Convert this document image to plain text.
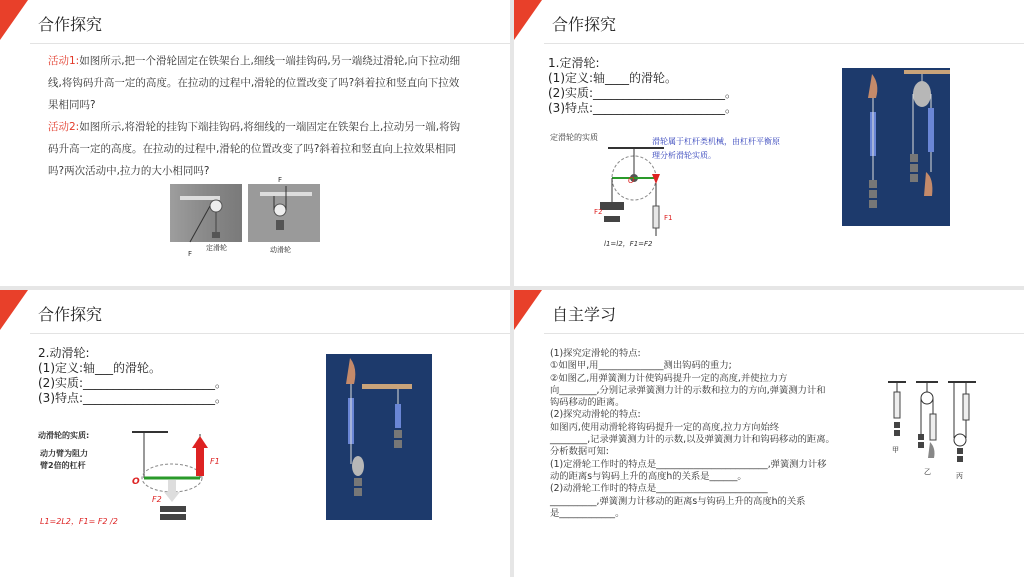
合作探究
活动1:如图所示,把一个滑轮固定在铁架台上,细线一端挂钩码,另一端绕过滑轮,向下拉动细线,将钩码升高一定的高度。在拉动的过程中,滑轮的位置改变了吗?斜着拉和竖直向下拉效果相同吗?
活动2:如图所示,将滑轮的挂钩下端挂钩码,将细线的一端固定在铁架台上,拉动另一端,将钩码升高一定的高度。在拉动的过程中,滑轮的位置改变了吗?斜着拉和竖直向上拉效果相同吗?两次活动中,拉力的大小相同吗?
F
定滑轮
F
动滑轮
合作探究
1.定滑轮:
(1)定义:轴____的滑轮。
(2)实质:______________________。
(3)特点:______________________。
定滑轮的实质	滑轮属于杠杆类机械，由杠杆平衡原理分析滑轮实质。
O
F1
F2
l1=l2，F1=F2
合作探究
2.动滑轮:
(1)定义:轴___的滑轮。
(2)实质:______________________。
(3)特点:______________________。
动滑轮的实质:
动力臂为阻力
臂2倍的杠杆
O
F1
F2
L1=2L2，F1= F2 /2
自主学习
(1)探究定滑轮的特点:
①如图甲,用______________测出钩码的重力;
②如图乙,用弹簧测力计使钩码提升一定的高度,并使拉力方
向________,分别记录弹簧测力计的示数和拉力的方向,弹簧测力计和
钩码移动的距离。
(2)探究动滑轮的特点:
如图丙,使用动滑轮将钩码提升一定的高度,拉力方向始终
________,记录弹簧测力计的示数,以及弹簧测力计和钩码移动的距离。
分析数据可知:
(1)定滑轮工作时的特点是________________________,弹簧测力计移
动的距离s与钩码上升的高度h的关系是______。
(2)动滑轮工作时的特点是________________________
__________,弹簧测力计移动的距离s与钩码上升的高度h的关系
是____________。
甲
乙	丙
